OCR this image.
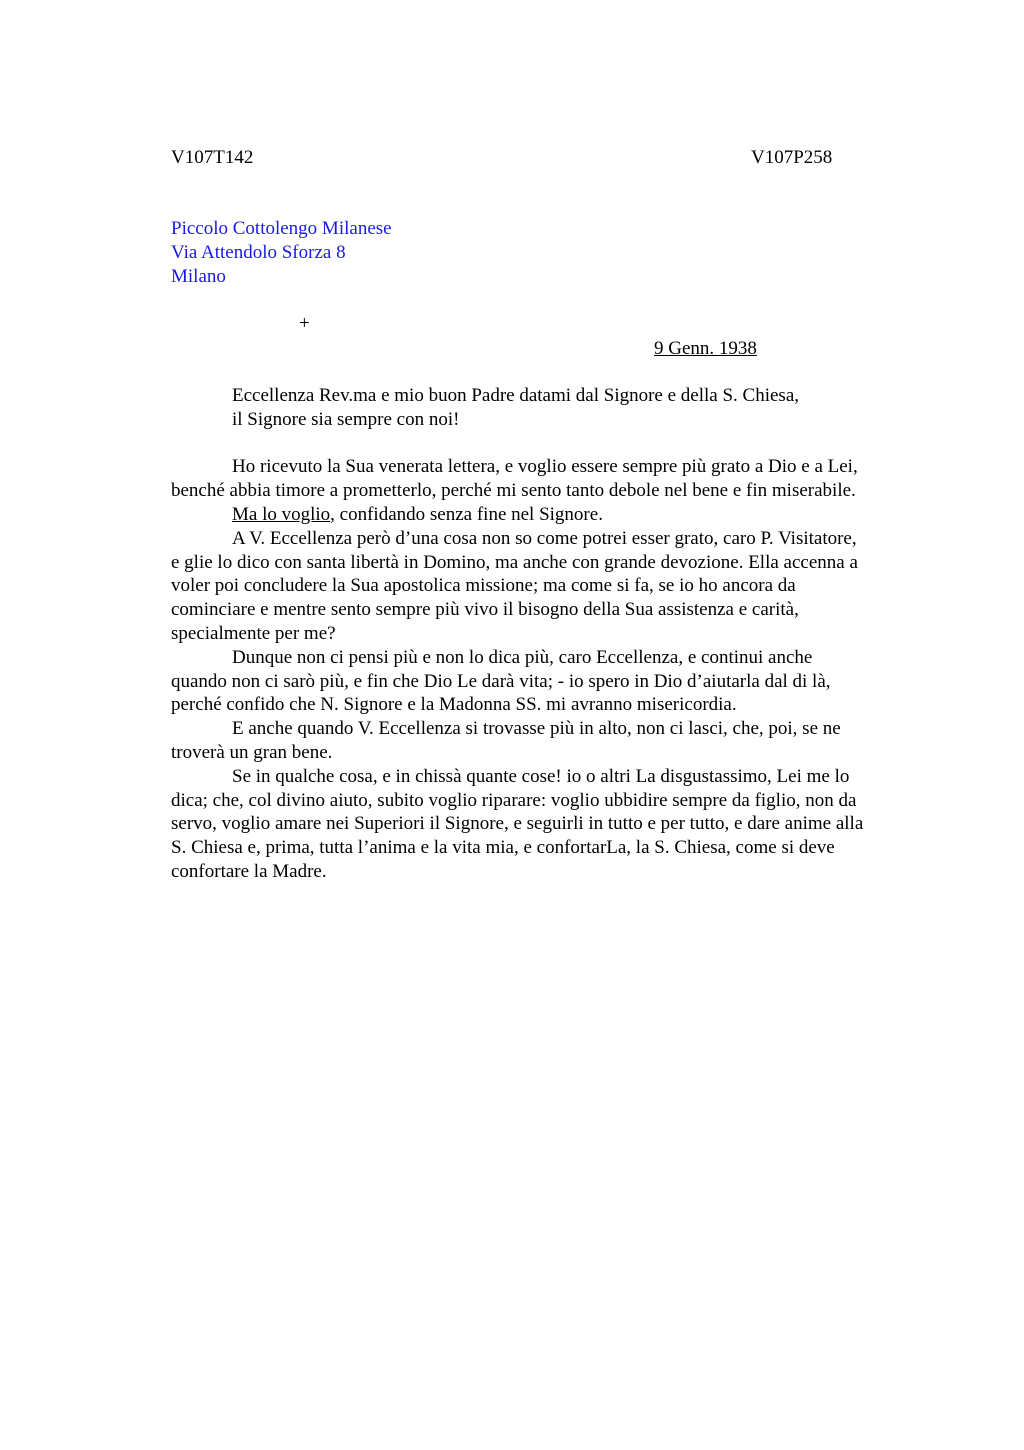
V107T142	V107P258
Piccolo Cottolengo Milanese
Via Attendolo Sforza 8
Milano
+
9 Genn. 1938
Eccellenza Rev.ma e mio buon Padre datami dal Signore e della S. Chiesa,
il Signore sia sempre con noi!
Ho ricevuto la Sua venerata lettera, e voglio essere sempre più grato a Dio e a Lei,
benché abbia timore a prometterlo, perché mi sento tanto debole nel bene e fin miserabile.
Ma lo voglio, confidando senza fine nel Signore.
A V. Eccellenza però d’una cosa non so come potrei esser grato, caro P. Visitatore,
e glie lo dico con santa libertà in Domino, ma anche con grande devozione. Ella accenna a
voler poi concludere la Sua apostolica missione; ma come si fa, se io ho ancora da
cominciare e mentre sento sempre più vivo il bisogno della Sua assistenza e carità,
specialmente per me?
Dunque non ci pensi più e non lo dica più, caro Eccellenza, e continui anche
quando non ci sarò più, e fin che Dio Le darà vita; - io spero in Dio d’aiutarla dal di là,
perché confido che N. Signore e la Madonna SS. mi avranno misericordia.
E anche quando V. Eccellenza si trovasse più in alto, non ci lasci, che, poi, se ne
troverà un gran bene.
Se in qualche cosa, e in chissà quante cose! io o altri La disgustassimo, Lei me lo
dica; che, col divino aiuto, subito voglio riparare: voglio ubbidire sempre da figlio, non da
servo, voglio amare nei Superiori il Signore, e seguirli in tutto e per tutto, e dare anime alla
S. Chiesa e, prima, tutta l’anima e la vita mia, e confortarLa, la S. Chiesa, come si deve
confortare la Madre.
